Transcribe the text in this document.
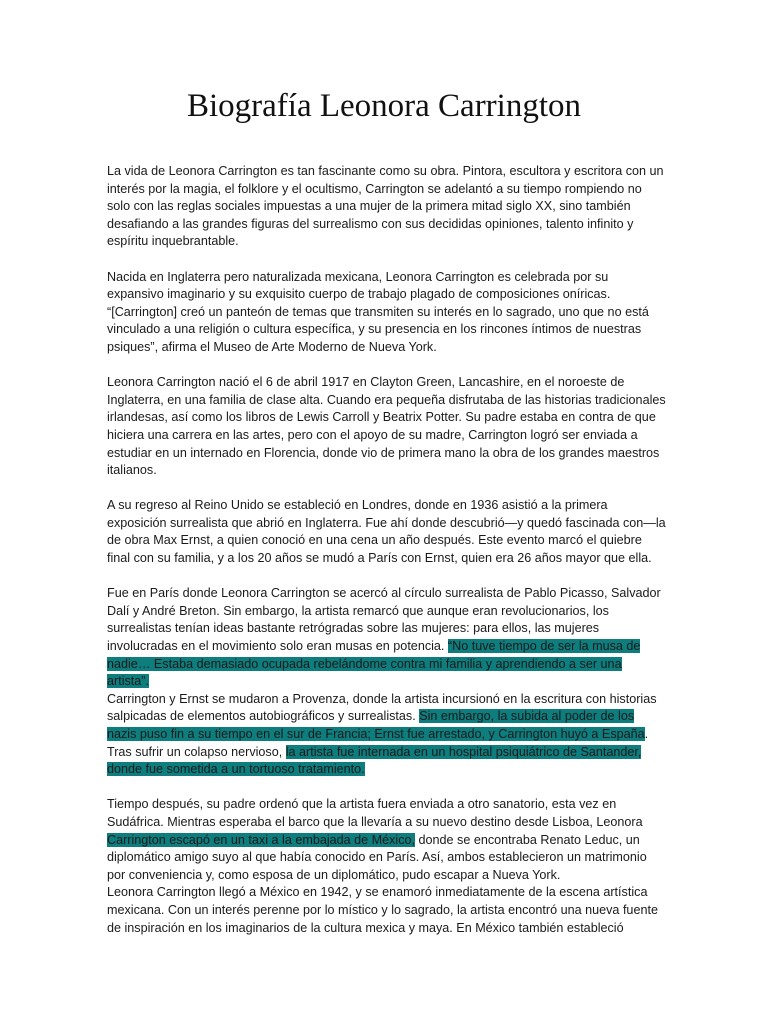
Biografía Leonora Carrington

La vida de Leonora Carrington es tan fascinante como su obra. Pintora, escultora y escritora con un interés por la magia, el folklore y el ocultismo, Carrington se adelantó a su tiempo rompiendo no solo con las reglas sociales impuestas a una mujer de la primera mitad siglo XX, sino también desafiando a las grandes figuras del surrealismo con sus decididas opiniones, talento infinito y espíritu inquebrantable.

Nacida en Inglaterra pero naturalizada mexicana, Leonora Carrington es celebrada por su expansivo imaginario y su exquisito cuerpo de trabajo plagado de composiciones oníricas. “[Carrington] creó un panteón de temas que transmiten su interés en lo sagrado, uno que no está vinculado a una religión o cultura específica, y su presencia en los rincones íntimos de nuestras psiques”, afirma el Museo de Arte Moderno de Nueva York.

Leonora Carrington nació el 6 de abril 1917 en Clayton Green, Lancashire, en el noroeste de Inglaterra, en una familia de clase alta. Cuando era pequeña disfrutaba de las historias tradicionales irlandesas, así como los libros de Lewis Carroll y Beatrix Potter. Su padre estaba en contra de que hiciera una carrera en las artes, pero con el apoyo de su madre, Carrington logró ser enviada a estudiar en un internado en Florencia, donde vio de primera mano la obra de los grandes maestros italianos.

A su regreso al Reino Unido se estableció en Londres, donde en 1936 asistió a la primera exposición surrealista que abrió en Inglaterra. Fue ahí donde descubrió—y quedó fascinada con—la de obra Max Ernst, a quien conoció en una cena un año después. Este evento marcó el quiebre final con su familia, y a los 20 años se mudó a París con Ernst, quien era 26 años mayor que ella.

Fue en París donde Leonora Carrington se acercó al círculo surrealista de Pablo Picasso, Salvador Dalí y André Breton. Sin embargo, la artista remarcó que aunque eran revolucionarios, los surrealistas tenían ideas bastante retrógradas sobre las mujeres: para ellos, las mujeres involucradas en el movimiento solo eran musas en potencia. “No tuve tiempo de ser la musa de nadie… Estaba demasiado ocupada rebelándome contra mi familia y aprendiendo a ser una artista”.

Carrington y Ernst se mudaron a Provenza, donde la artista incursionó en la escritura con historias salpicadas de elementos autobiográficos y surrealistas. Sin embargo, la subida al poder de los nazis puso fin a su tiempo en el sur de Francia; Ernst fue arrestado, y Carrington huyó a España. Tras sufrir un colapso nervioso, la artista fue internada en un hospital psiquiátrico de Santander, donde fue sometida a un tortuoso tratamiento.

Tiempo después, su padre ordenó que la artista fuera enviada a otro sanatorio, esta vez en Sudáfrica. Mientras esperaba el barco que la llevaría a su nuevo destino desde Lisboa, Leonora Carrington escapó en un taxi a la embajada de México, donde se encontraba Renato Leduc, un diplomático amigo suyo al que había conocido en París. Así, ambos establecieron un matrimonio por conveniencia y, como esposa de un diplomático, pudo escapar a Nueva York.

Leonora Carrington llegó a México en 1942, y se enamoró inmediatamente de la escena artística mexicana. Con un interés perenne por lo místico y lo sagrado, la artista encontró una nueva fuente de inspiración en los imaginarios de la cultura mexica y maya. En México también estableció
